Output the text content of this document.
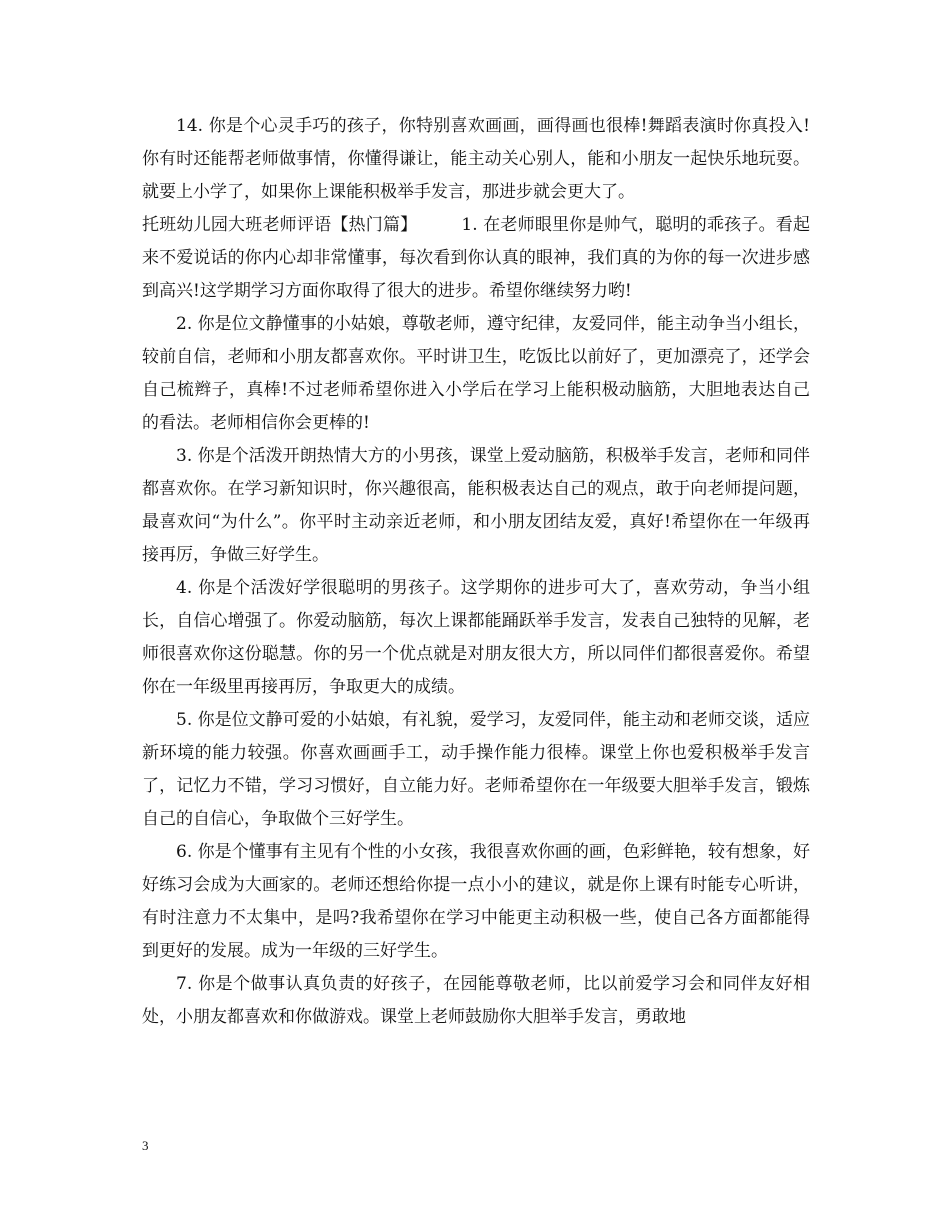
14. 你是个心灵手巧的孩子，你特别喜欢画画，画得画也很棒!舞蹈表演时你真投入!你有时还能帮老师做事情，你懂得谦让，能主动关心别人，能和小朋友一起快乐地玩耍。就要上小学了，如果你上课能积极举手发言，那进步就会更大了。

托班幼儿园大班老师评语【热门篇】	1. 在老师眼里你是帅气，聪明的乖孩子。看起来不爱说话的你内心却非常懂事，每次看到你认真的眼神，我们真的为你的每一次进步感到高兴!这学期学习方面你取得了很大的进步。希望你继续努力哟!

2. 你是位文静懂事的小姑娘，尊敬老师，遵守纪律，友爱同伴，能主动争当小组长，较前自信，老师和小朋友都喜欢你。平时讲卫生，吃饭比以前好了，更加漂亮了，还学会自己梳辫子，真棒!不过老师希望你进入小学后在学习上能积极动脑筋，大胆地表达自己的看法。老师相信你会更棒的!

3. 你是个活泼开朗热情大方的小男孩，课堂上爱动脑筋，积极举手发言，老师和同伴都喜欢你。在学习新知识时，你兴趣很高，能积极表达自己的观点，敢于向老师提问题，最喜欢问“为什么”。你平时主动亲近老师，和小朋友团结友爱，真好!希望你在一年级再接再厉，争做三好学生。

4. 你是个活泼好学很聪明的男孩子。这学期你的进步可大了，喜欢劳动，争当小组长，自信心增强了。你爱动脑筋，每次上课都能踊跃举手发言，发表自己独特的见解，老师很喜欢你这份聪慧。你的另一个优点就是对朋友很大方，所以同伴们都很喜爱你。希望你在一年级里再接再厉，争取更大的成绩。

5. 你是位文静可爱的小姑娘，有礼貌，爱学习，友爱同伴，能主动和老师交谈，适应新环境的能力较强。你喜欢画画手工，动手操作能力很棒。课堂上你也爱积极举手发言了，记忆力不错，学习习惯好，自立能力好。老师希望你在一年级要大胆举手发言，锻炼自己的自信心，争取做个三好学生。

6. 你是个懂事有主见有个性的小女孩，我很喜欢你画的画，色彩鲜艳，较有想象，好好练习会成为大画家的。老师还想给你提一点小小的建议，就是你上课有时能专心听讲，有时注意力不太集中，是吗?我希望你在学习中能更主动积极一些，使自己各方面都能得到更好的发展。成为一年级的三好学生。

7. 你是个做事认真负责的好孩子，在园能尊敬老师，比以前爱学习会和同伴友好相处，小朋友都喜欢和你做游戏。课堂上老师鼓励你大胆举手发言，勇敢地

3
